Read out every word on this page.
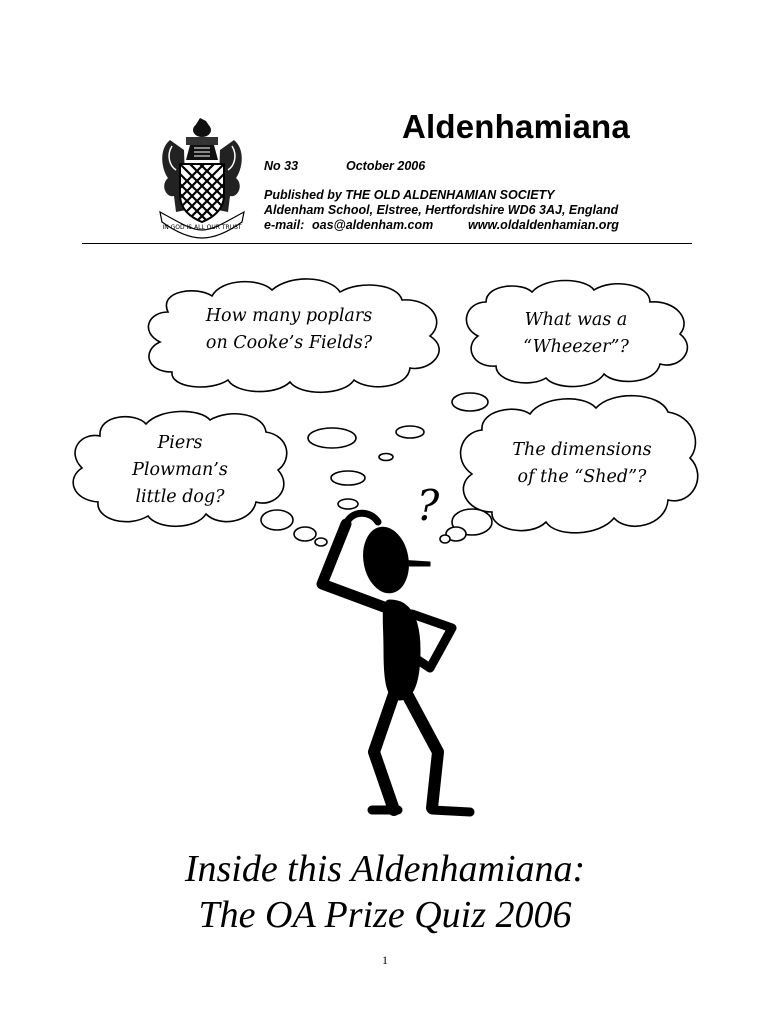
IN GOD IS ALL OUR TRUST
Aldenhamiana
No 33	October 2006
Published by THE OLD ALDENHAMIAN SOCIETY
Aldenham School, Elstree, Hertfordshire WD6 3AJ, England
e-mail: oas@aldenham.com	www.oldaldenhamian.org
?
How many poplars
on Cooke’s Fields?
What was a
“Wheezer”?
Piers
Plowman’s
little dog?
The dimensions
of the “Shed”?
Inside this Aldenhamiana:
The OA Prize Quiz 2006
1
